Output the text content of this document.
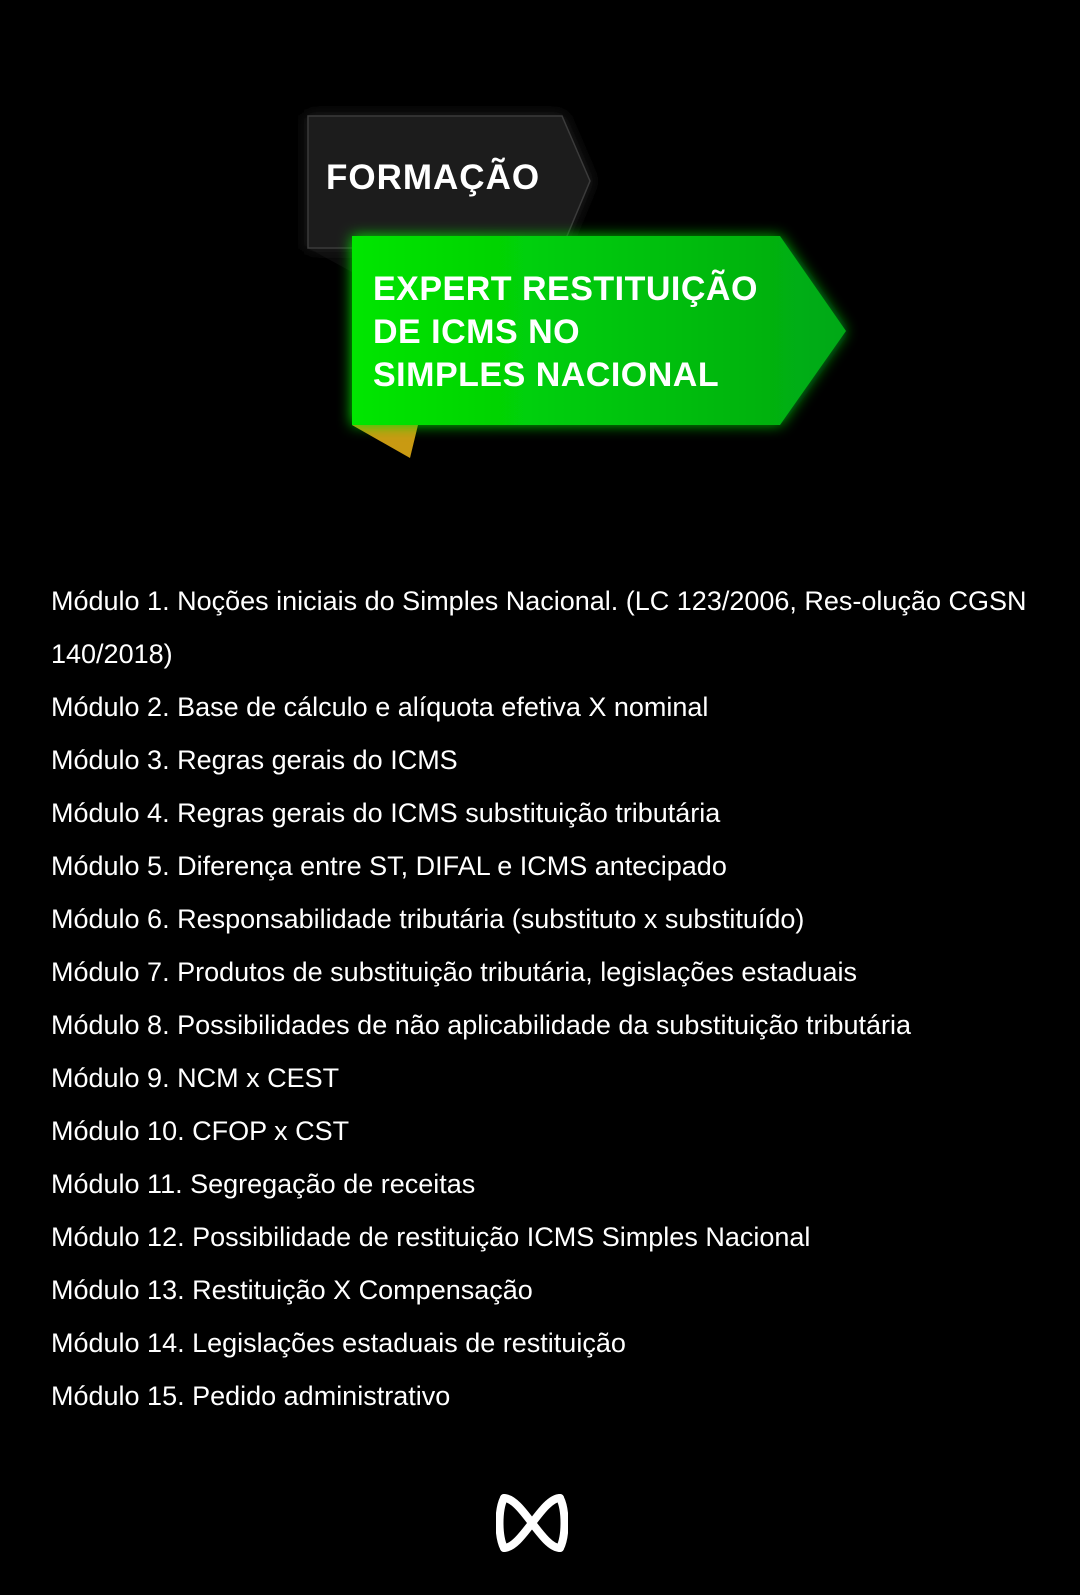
FORMAÇÃO
EXPERT RESTITUIÇÃO
DE ICMS NO
SIMPLES NACIONAL
Módulo 1. Noções iniciais do Simples Nacional. (LC 123/2006, Res-olução CGSN 140/2018)
Módulo 2. Base de cálculo e alíquota efetiva X nominal
Módulo 3. Regras gerais do ICMS
Módulo 4. Regras gerais do ICMS substituição tributária
Módulo 5. Diferença entre ST, DIFAL e ICMS antecipado
Módulo 6. Responsabilidade tributária (substituto x substituído)
Módulo 7. Produtos de substituição tributária, legislações estaduais
Módulo 8. Possibilidades de não aplicabilidade da substituição tributária
Módulo 9. NCM x CEST
Módulo 10. CFOP x CST
Módulo 11. Segregação de receitas
Módulo 12. Possibilidade de restituição ICMS Simples Nacional
Módulo 13. Restituição X Compensação
Módulo 14. Legislações estaduais de restituição
Módulo 15. Pedido administrativo
